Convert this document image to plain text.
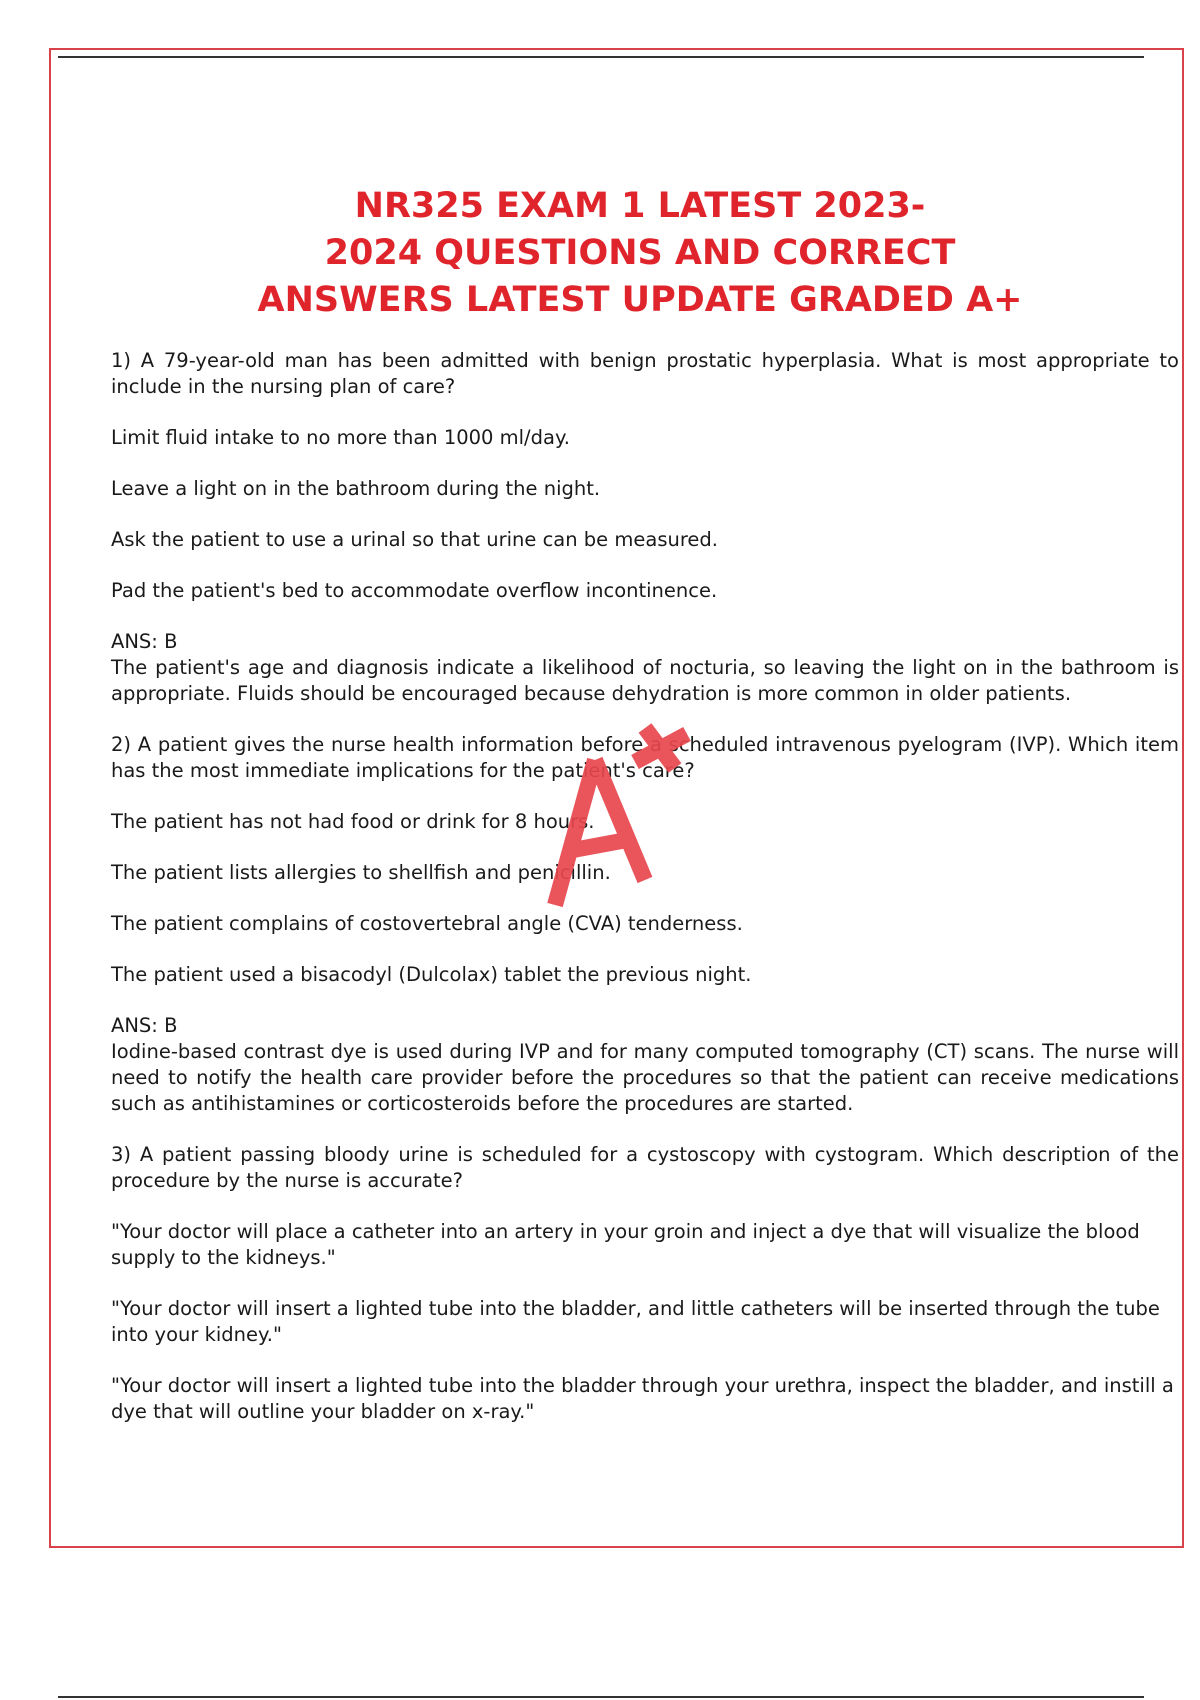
NR325 EXAM 1 LATEST 2023-
2024 QUESTIONS AND CORRECT
ANSWERS LATEST UPDATE GRADED A+

1) A 79-year-old man has been admitted with benign prostatic hyperplasia. What is most appropriate to include in the nursing plan of care?

Limit fluid intake to no more than 1000 ml/day.

Leave a light on in the bathroom during the night.

Ask the patient to use a urinal so that urine can be measured.

Pad the patient's bed to accommodate overflow incontinence.

ANS: B

The patient's age and diagnosis indicate a likelihood of nocturia, so leaving the light on in the bathroom is appropriate. Fluids should be encouraged because dehydration is more common in older patients.

2) A patient gives the nurse health information before a scheduled intravenous pyelogram (IVP). Which item has the most immediate implications for the patient's care?

The patient has not had food or drink for 8 hours.

The patient lists allergies to shellfish and penicillin.

The patient complains of costovertebral angle (CVA) tenderness.

The patient used a bisacodyl (Dulcolax) tablet the previous night.

ANS: B

Iodine-based contrast dye is used during IVP and for many computed tomography (CT) scans. The nurse will need to notify the health care provider before the procedures so that the patient can receive medications such as antihistamines or corticosteroids before the procedures are started.

3) A patient passing bloody urine is scheduled for a cystoscopy with cystogram. Which description of the procedure by the nurse is accurate?

"Your doctor will place a catheter into an artery in your groin and inject a dye that will visualize the blood supply to the kidneys."

"Your doctor will insert a lighted tube into the bladder, and little catheters will be inserted through the tube into your kidney."

"Your doctor will insert a lighted tube into the bladder through your urethra, inspect the bladder, and instill a dye that will outline your bladder on x-ray."
